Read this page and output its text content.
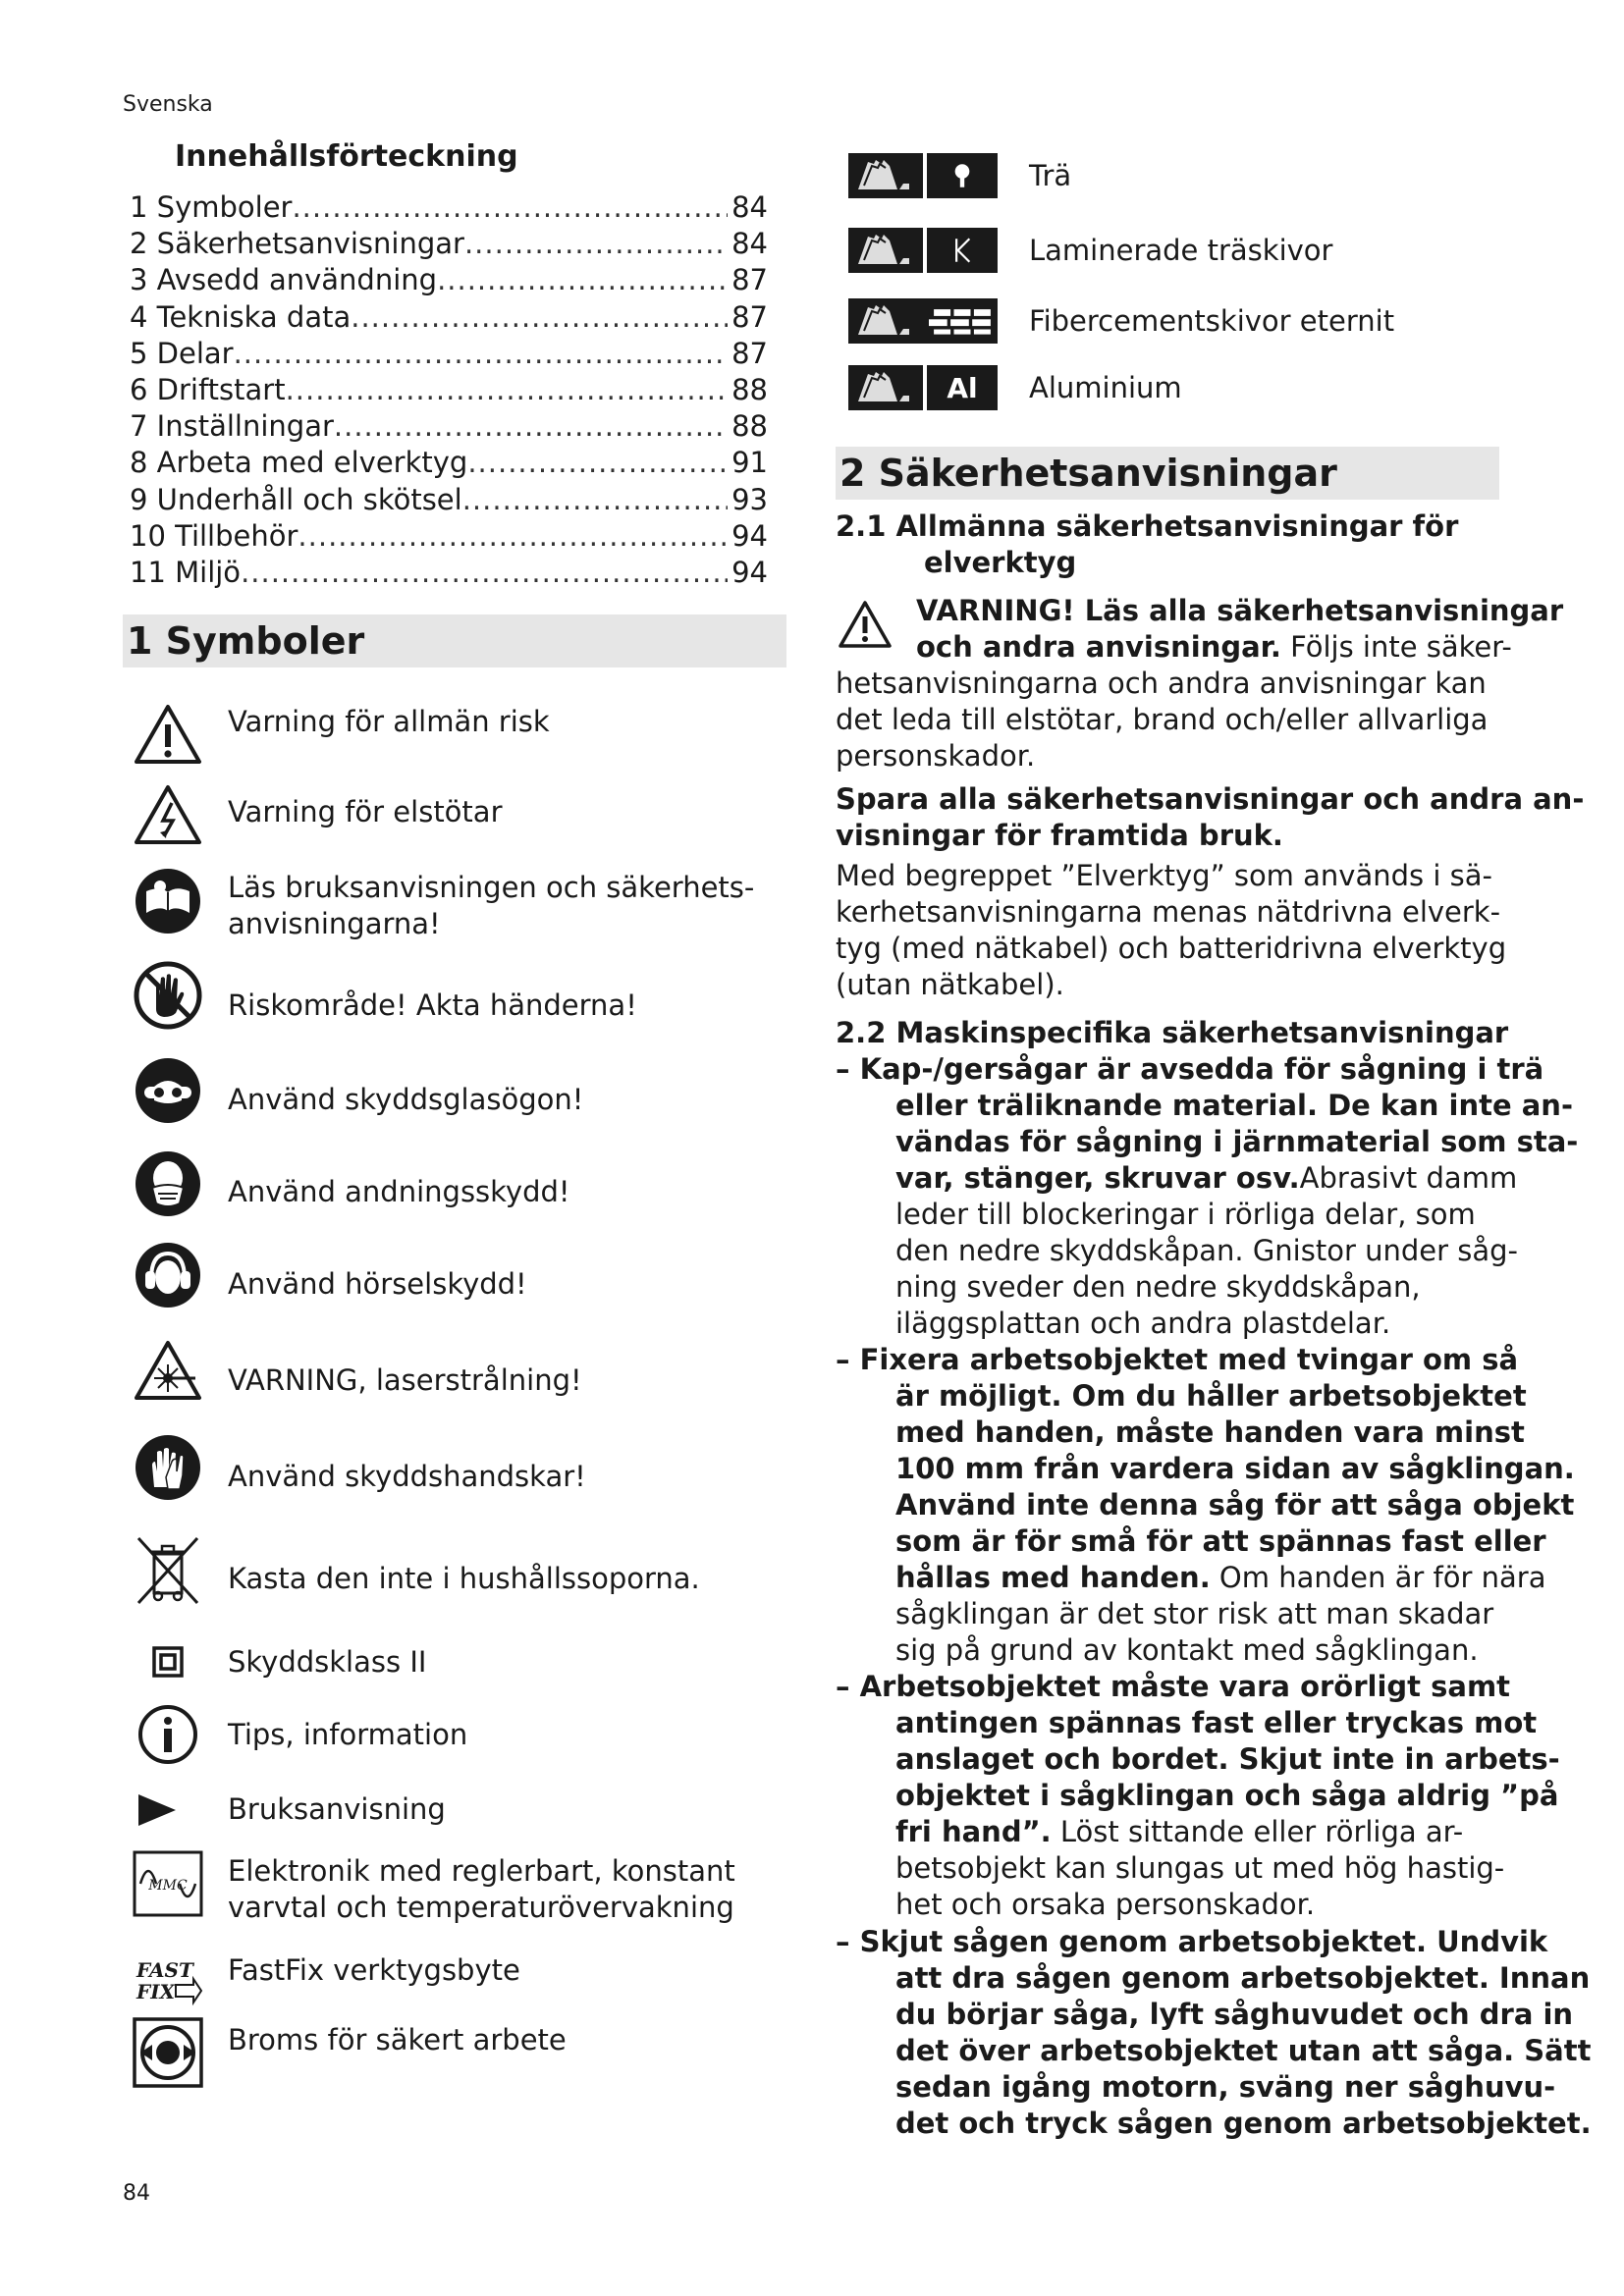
Svenska
84
Innehållsförteckning
1 Symboler .....	84
2 Säkerhetsanvisningar .....	84
3 Avsedd användning .....	87
4 Tekniska data .....	87
5 Delar .....	87
6 Driftstart .....	88
7 Inställningar .....	88
8 Arbeta med elverktyg .....	91
9 Underhåll och skötsel .....	93
10 Tillbehör .....	94
11 Miljö .....	94
1 Symboler
Varning för allmän risk
Varning för elstötar
Läs bruksanvisningen och säkerhets-
anvisningarna!
Riskområde! Akta händerna!
Använd skyddsglasögon!
Använd andningsskydd!
Använd hörselskydd!
VARNING, laserstrålning!
Använd skyddshandskar!
Kasta den inte i hushållssoporna.
Skyddsklass II
Tips, information
Bruksanvisning
MMC Elektronik med reglerbart, konstant
varvtal och temperaturövervakning
FAST
FIX
FastFix verktygsbyte
Broms för säkert arbete
Trä
Laminerade träskivor
Fibercementskivor eternit
Al	Aluminium
2 Säkerhetsanvisningar
2.1 Allmänna säkerhetsanvisningar för
elverktyg
VARNING! Läs alla säkerhetsanvisningar
och andra anvisningar. Följs inte säker-
hetsanvisningarna och andra anvisningar kan
det leda till elstötar, brand och/eller allvarliga
personskador.
Spara alla säkerhetsanvisningar och andra an-
visningar för framtida bruk.
Med begreppet ”Elverktyg” som används i sä-
kerhetsanvisningarna menas nätdrivna elverk-
tyg (med nätkabel) och batteridrivna elverktyg
(utan nätkabel).
2.2 Maskinspecifika säkerhetsanvisningar
– Kap-/gersågar är avsedda för sågning i trä
eller träliknande material. De kan inte an-
vändas för sågning i järnmaterial som sta-
var, stänger, skruvar osv.Abrasivt damm
leder till blockeringar i rörliga delar, som
den nedre skyddskåpan. Gnistor under såg-
ning sveder den nedre skyddskåpan,
iläggsplattan och andra plastdelar.
– Fixera arbetsobjektet med tvingar om så
är möjligt. Om du håller arbetsobjektet
med handen, måste handen vara minst
100 mm från vardera sidan av sågklingan.
Använd inte denna såg för att såga objekt
som är för små för att spännas fast eller
hållas med handen. Om handen är för nära
sågklingan är det stor risk att man skadar
sig på grund av kontakt med sågklingan.
– Arbetsobjektet måste vara orörligt samt
antingen spännas fast eller tryckas mot
anslaget och bordet. Skjut inte in arbets-
objektet i sågklingan och såga aldrig ”på
fri hand”. Löst sittande eller rörliga ar-
betsobjekt kan slungas ut med hög hastig-
het och orsaka personskador.
– Skjut sågen genom arbetsobjektet. Undvik
att dra sågen genom arbetsobjektet. Innan
du börjar såga, lyft såghuvudet och dra in
det över arbetsobjektet utan att såga. Sätt
sedan igång motorn, sväng ner såghuvu-
det och tryck sågen genom arbetsobjektet.
